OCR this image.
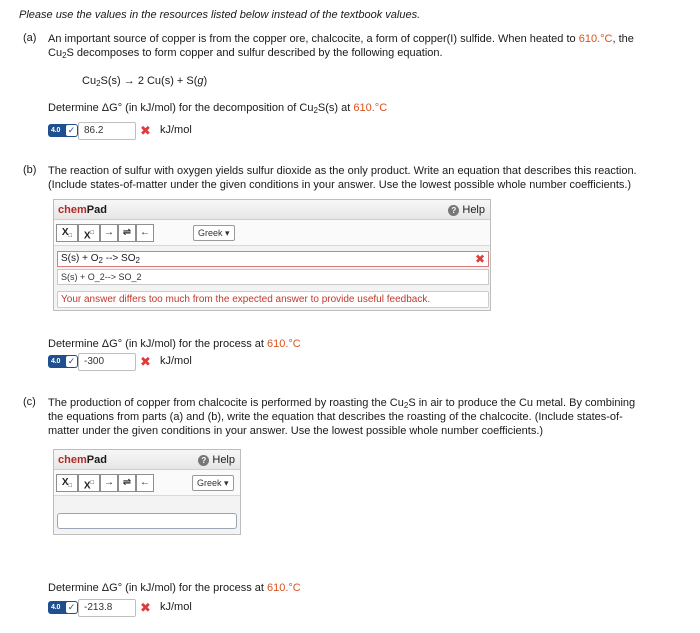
Please use the values in the resources listed below instead of the textbook values.
(a) An important source of copper is from the copper ore, chalcocite, a form of copper(I) sulfide. When heated to 610.°C, the
$Cu_2S$ decomposes to form copper and sulfur described by the following equation.
$Cu_2S(s) \to 2$ Cu(s) + S(g)
Determine ΔG° (in kJ/mol) for the decomposition of $Cu_2S(s)$ at 610.°C
4.0 ✓ 86.2	✖ kJ/mol
(b) The reaction of sulfur with oxygen yields sulfur dioxide as the only product. Write an equation that describes this reaction.
(Include states-of-matter under the given conditions in your answer. Use the lowest possible whole number coefficients.)
chemPad	? Help
$X_□$	X□ → ⇌ ←	Greek ▾
$S(s) + O_2$ --> $SO_2$	✖
S(s) + O_2--> SO_2
Your answer differs too much from the expected answer to provide useful feedback.
Determine ΔG° (in kJ/mol) for the process at 610.°C
4.0 ✓ -300	✖ kJ/mol
(c) The production of copper from chalcocite is performed by roasting the $Cu_2S$ in air to produce the Cu metal. By combining
the equations from parts (a) and (b), write the equation that describes the roasting of the chalcocite. (Include states-of-
matter under the given conditions in your answer. Use the lowest possible whole number coefficients.)
chemPad	? Help
$X_□$	X□ → ⇌ ←	Greek ▾
Determine ΔG° (in kJ/mol) for the process at 610.°C
4.0 ✓ -213.8	✖ kJ/mol
